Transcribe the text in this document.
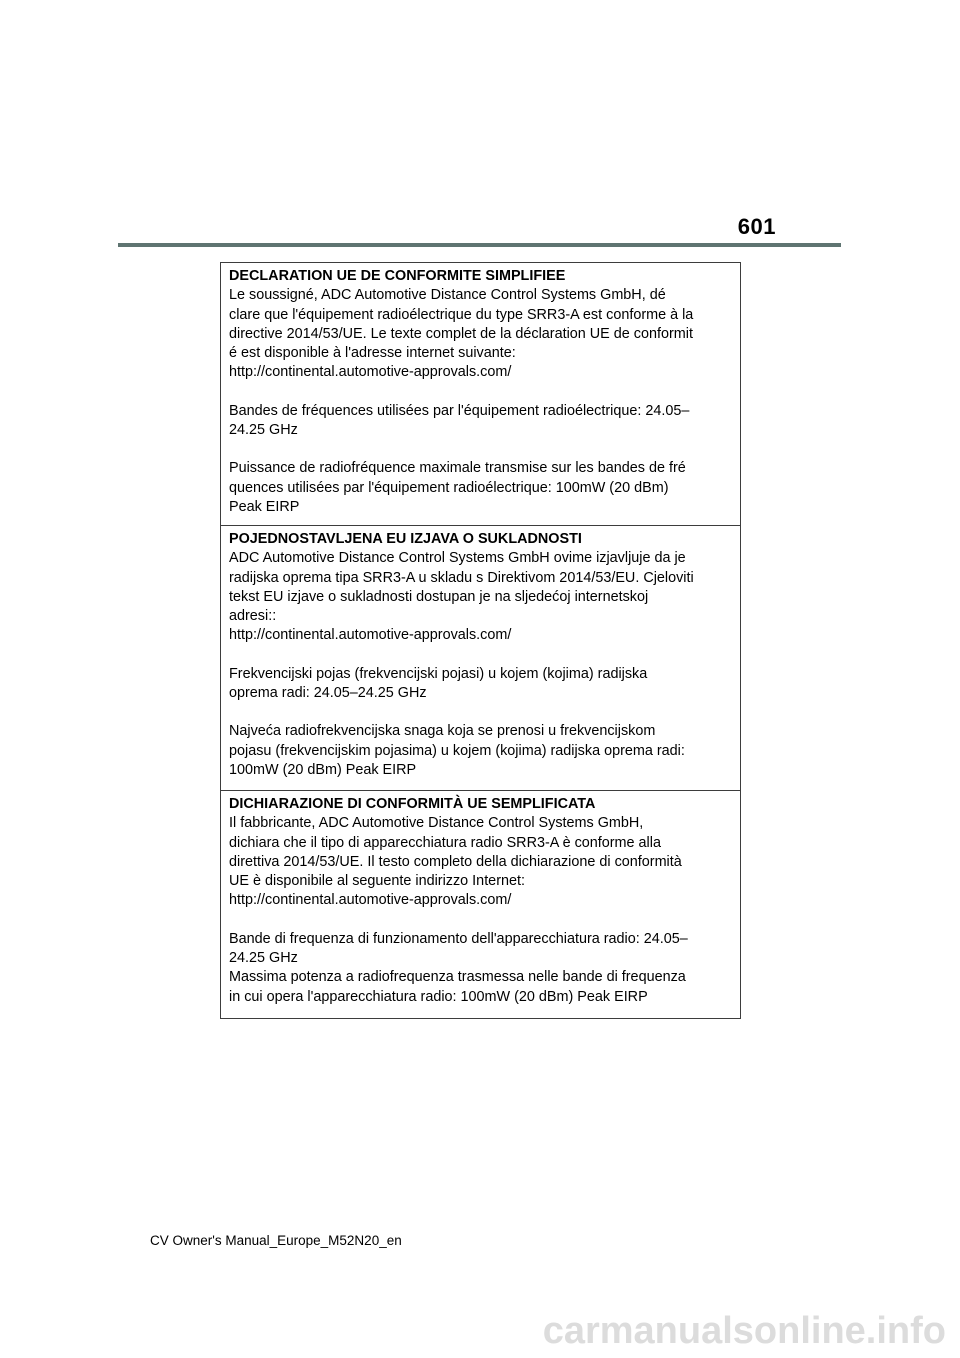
601
DECLARATION UE DE CONFORMITE SIMPLIFIEE
Le soussigné, ADC Automotive Distance Control Systems GmbH, dé
clare que l'équipement radioélectrique du type SRR3-A est conforme à la
directive 2014/53/UE. Le texte complet de la déclaration UE de conformit
é est disponible à l'adresse internet suivante:
http://continental.automotive-approvals.com/
Bandes de fréquences utilisées par l'équipement radioélectrique: 24.05–
24.25 GHz
Puissance de radiofréquence maximale transmise sur les bandes de fré
quences utilisées par l'équipement radioélectrique: 100mW (20 dBm)
Peak EIRP
POJEDNOSTAVLJENA EU IZJAVA O SUKLADNOSTI
ADC Automotive Distance Control Systems GmbH ovime izjavljuje da je
radijska oprema tipa SRR3-A u skladu s Direktivom 2014/53/EU. Cjeloviti
tekst EU izjave o sukladnosti dostupan je na sljedećoj internetskoj
adresi::
http://continental.automotive-approvals.com/
Frekvencijski pojas (frekvencijski pojasi) u kojem (kojima) radijska
oprema radi: 24.05–24.25 GHz
Najveća radiofrekvencijska snaga koja se prenosi u frekvencijskom
pojasu (frekvencijskim pojasima) u kojem (kojima) radijska oprema radi:
100mW (20 dBm) Peak EIRP
DICHIARAZIONE DI CONFORMITÀ UE SEMPLIFICATA
Il fabbricante, ADC Automotive Distance Control Systems GmbH,
dichiara che il tipo di apparecchiatura radio SRR3-A è conforme alla
direttiva 2014/53/UE. Il testo completo della dichiarazione di conformità
UE è disponibile al seguente indirizzo Internet:
http://continental.automotive-approvals.com/
Bande di frequenza di funzionamento dell'apparecchiatura radio: 24.05–
24.25 GHz
Massima potenza a radiofrequenza trasmessa nelle bande di frequenza
in cui opera l'apparecchiatura radio: 100mW (20 dBm) Peak EIRP
CV Owner's Manual_Europe_M52N20_en
carmanualsonline.info
